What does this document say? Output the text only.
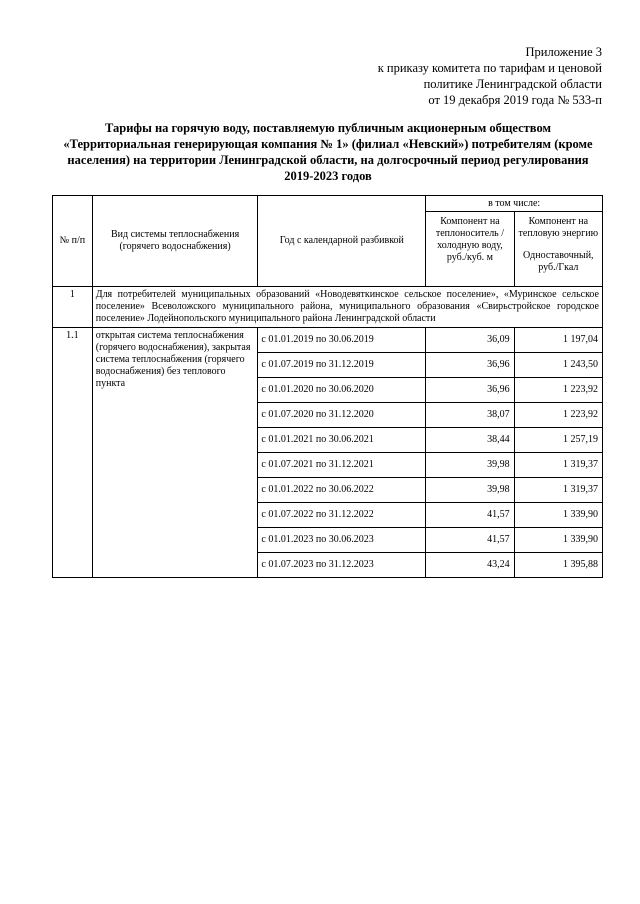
Приложение 3
к приказу комитета по тарифам и ценовой
политике Ленинградской области
от 19 декабря 2019 года № 533-п
Тарифы на горячую воду, поставляемую публичным акционерным обществом
«Территориальная генерирующая компания № 1» (филиал «Невский») потребителям (кроме
населения) на территории Ленинградской области, на долгосрочный период регулирования
2019-2023 годов
№ п/п	Вид системы теплоснабжения (горячего водоснабжения)	Год с календарной разбивкой	в том числе:	
			Компонент на теплоноситель / холодную воду, руб./куб. м	Компонент на тепловую энергию
Одноставочный, руб./Гкал

1	Для потребителей муниципальных образований «Новодевяткинское сельское поселение», «Муринское сельское поселение» Всеволожского муниципального района, муниципального образования «Свирьстройское городское поселение» Лодейнопольского муниципального района Ленинградской области			
1.1	открытая система теплоснабжения (горячего водоснабжения), закрытая система теплоснабжения (горячего водоснабжения) без теплового пункта	с 01.01.2019 по 30.06.2019	36,09	1 197,04
		с 01.07.2019 по 31.12.2019	36,96	1 243,50
		с 01.01.2020 по 30.06.2020	36,96	1 223,92
		с 01.07.2020 по 31.12.2020	38,07	1 223,92
		с 01.01.2021 по 30.06.2021	38,44	1 257,19
		с 01.07.2021 по 31.12.2021	39,98	1 319,37
		с 01.01.2022 по 30.06.2022	39,98	1 319,37
		с 01.07.2022 по 31.12.2022	41,57	1 339,90
		с 01.01.2023 по 30.06.2023	41,57	1 339,90
		с 01.07.2023 по 31.12.2023	43,24	1 395,88
